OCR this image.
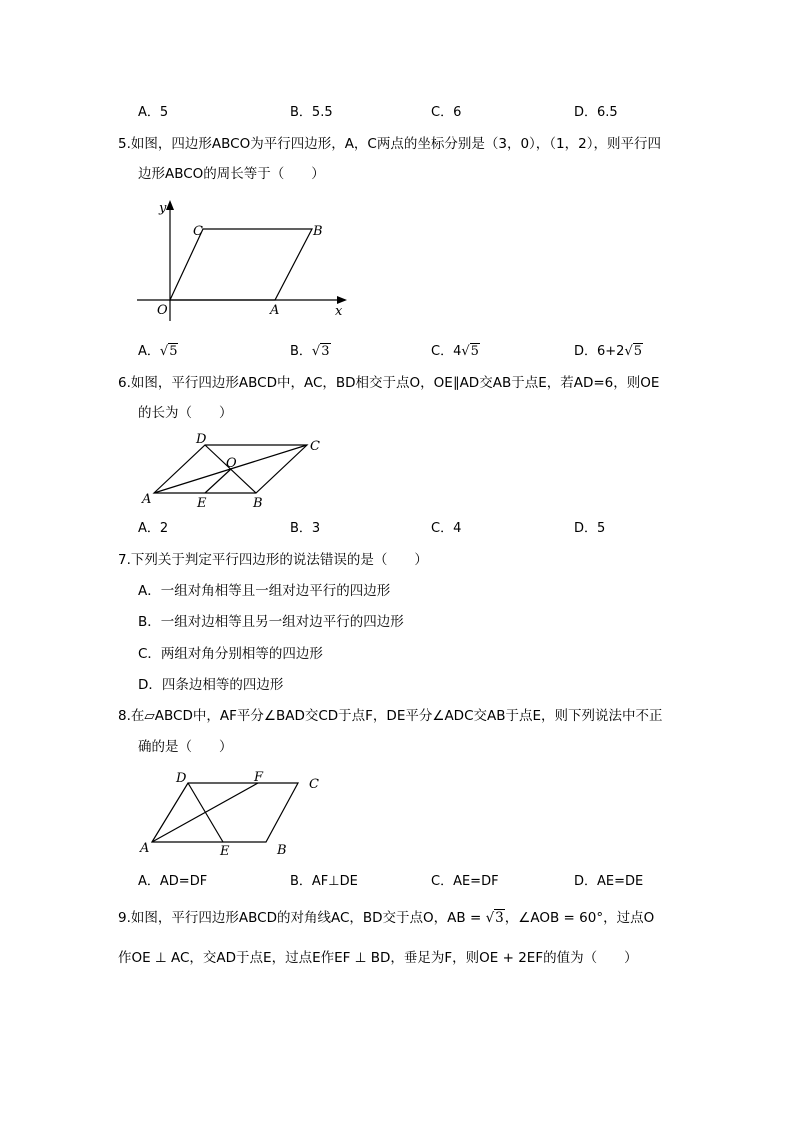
A．5	B．5.5	C．6	D．6.5
5.如图，四边形ABCO为平行四边形，A，C两点的坐标分别是（3，0），（1，2），则平行四
边形ABCO的周长等于（　　）
y
x
O	A
B
C
A．√5	B．√3	C．4√5	D．6+2√5
6.如图，平行四边形ABCD中，AC，BD相交于点O，OE∥AD交AB于点E，若AD=6，则OE
的长为（　　）
A	B
C
D
O
E
A．2	B．3	C．4	D．5
7.下列关于判定平行四边形的说法错误的是（　　）
A．一组对角相等且一组对边平行的四边形
B．一组对边相等且另一组对边平行的四边形
C．两组对角分别相等的四边形
D．四条边相等的四边形
8.在▱ABCD中，AF平分∠BAD交CD于点F，DE平分∠ADC交AB于点E，则下列说法中不正
确的是（　　）
A	B
C
D
E
F
A．AD=DF	B．AF⊥DE	C．AE=DF	D．AE=DE
9.如图，平行四边形ABCD的对角线AC，BD交于点O，AB = √3，∠AOB = 60°，过点O
作OE ⊥ AC，交AD于点E，过点E作EF ⊥ BD，垂足为F，则OE + 2EF的值为（　　）
